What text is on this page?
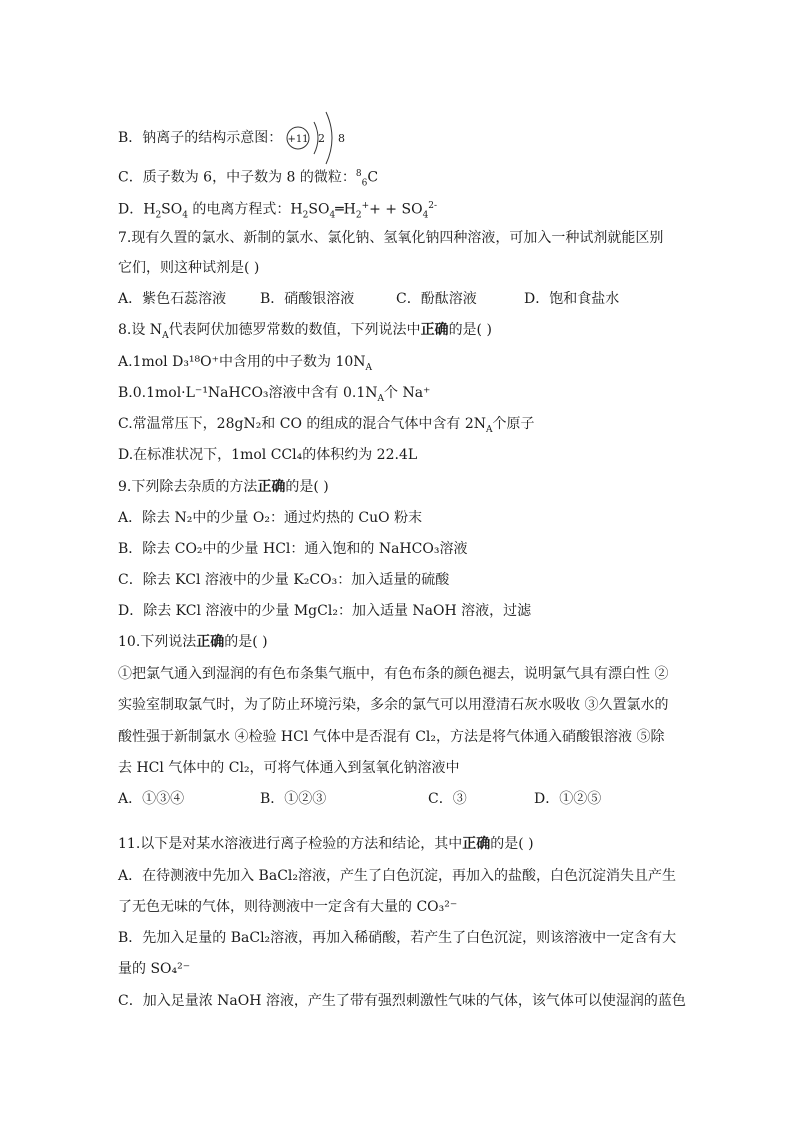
B．钠离子的结构示意图： +11 2 8
C．质子数为 6，中子数为 8 的微粒：$^8_6$C
D．$H_2SO_4$ 的电离方程式：$H_2SO_4═H_2^++ + SO_4^{2-}$
7.现有久置的氯水、新制的氯水、氯化钠、氢氧化钠四种溶液，可加入一种试剂就能区别
它们，则这种试剂是( )
A．紫色石蕊溶液	B．硝酸银溶液	C．酚酞溶液	D．饱和食盐水
8.设 $N_A$代表阿伏加德罗常数的数值，下列说法中正确的是( )
A.1mol D₃¹⁸O⁺中含用的中子数为 $10N_A$
B.0.1mol·L⁻¹NaHCO₃溶液中含有 $0.1N_A$个 Na⁺
C.常温常压下，28gN₂和 CO 的组成的混合气体中含有 $2N_A$个原子
D.在标准状况下，1mol CCl₄的体积约为 22.4L
9.下列除去杂质的方法正确的是( )
A．除去 N₂中的少量 O₂：通过灼热的 CuO 粉末
B．除去 CO₂中的少量 HCl：通入饱和的 NaHCO₃溶液
C．除去 KCl 溶液中的少量 K₂CO₃：加入适量的硫酸
D．除去 KCl 溶液中的少量 MgCl₂：加入适量 NaOH 溶液，过滤
10.下列说法正确的是( )
①把氯气通入到湿润的有色布条集气瓶中，有色布条的颜色褪去，说明氯气具有漂白性 ②
实验室制取氯气时，为了防止环境污染，多余的氯气可以用澄清石灰水吸收 ③久置氯水的
酸性强于新制氯水 ④检验 HCl 气体中是否混有 Cl₂，方法是将气体通入硝酸银溶液 ⑤除
去 HCl 气体中的 Cl₂，可将气体通入到氢氧化钠溶液中
A．①③④	B．①②③	C．③	D．①②⑤
11.以下是对某水溶液进行离子检验的方法和结论，其中正确的是( )
A．在待测液中先加入 BaCl₂溶液，产生了白色沉淀，再加入的盐酸，白色沉淀消失且产生
了无色无味的气体，则待测液中一定含有大量的 CO₃²⁻
B．先加入足量的 BaCl₂溶液，再加入稀硝酸，若产生了白色沉淀，则该溶液中一定含有大
量的 SO₄²⁻
C．加入足量浓 NaOH 溶液，产生了带有强烈刺激性气味的气体，该气体可以使湿润的蓝色
